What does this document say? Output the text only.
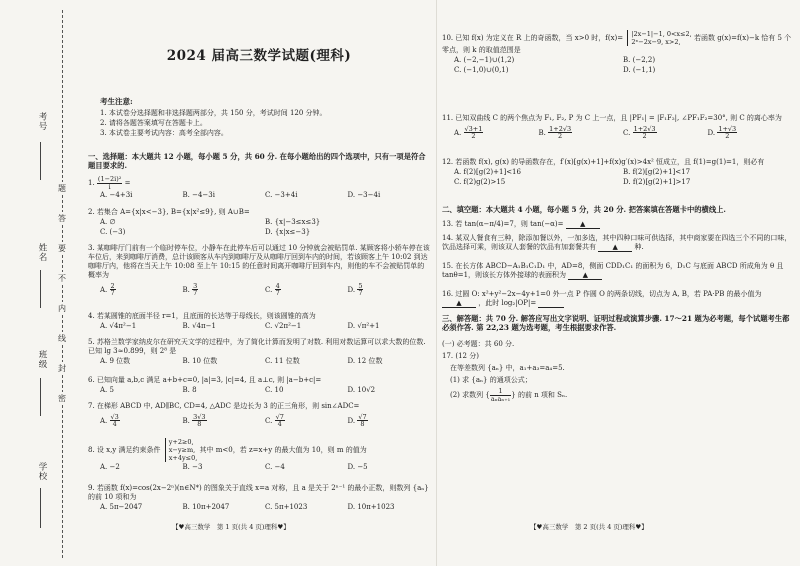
考号
姓名
班级
学校
题
答
要
不
内
线
封
密
2024 届高三数学试题(理科)
考生注意:
1. 本试卷分选择题和非选择题两部分，共 150 分，考试时间 120 分钟。
2. 请将各题答案填写在答题卡上。
3. 本试卷主要考试内容：高考全部内容。
一、选择题：本大题共 12 小题，每小题 5 分，共 60 分. 在每小题给出的四个选项中，只有一项是符合题目要求的.
1. $\frac{\text{(1−2i)²}}{i}$ =
A. −4+3i	B. −4−3i	C. −3+4i	D. −3−4i
2. 若集合 A={x|x<−3}, B={x|x²≤9}, 则 A∪B=
A. ∅	B. {x|−3≤x≤3}
C. (−3)	D. {x|x≤−3}
3. 某咖啡厅门前有一个临时停车位，小静车在此停车后可以通过 10 分钟就会被贴罚单. 某顾客将小轿车停在该车位后，来到咖啡厅消费，总计该顾客从车内到咖啡厅及从咖啡厅回到车内的时间，若该顾客上午 10:02 到达咖啡厅内，他将在当天上午 10:08 至上午 10:15 的任意时间离开咖啡厅回到车内，则他的车不会被贴罚单的概率为
A. $\frac{2}{7}$	B. $\frac{3}{7}$	C. $\frac{4}{7}$	D. $\frac{5}{7}$
4. 若某圆锥的底面半径 r=1，且底面的长达等于母线长，则该圆锥的高为
A. √4π²−1	B. √4π−1	C. √2π²−1	D. √π²+1
5. 苏格兰数学家纳皮尔在研究天文学的过程中，为了简化计算而发明了对数. 利用对数运算可以求大数的位数. 已知 lg 3≈0.899，则 2⁸ 是
A. 9 位数	B. 10 位数	C. 11 位数	D. 12 位数
6. 已知向量 a,b,c 满足 a+b+c=0, |a|=3, |c|=4, 且 a⊥c, 则 |a−b+c|=
A. 5	B. 8	C. 10	D. 10√2
7. 在梯形 ABCD 中, AD∥BC, CD=4, △ADC 是边长为 3 的正三角形，则 sin∠ADC=
A. $\frac{√3}{4}$	B. $\frac{3√3}{8}$	C. $\frac{√7}{4}$	D. $\frac{√7}{8}$
8. 设 x,y 满足约束条件
y+2≥0,
x−y≥m,
x+4y≤0,
其中 m<0，若 z=x+y 的最大值为 10，则 m 的值为
A. −2	B. −3	C. −4	D. −5
9. 若函数 f(x)=cos(2x−2ⁿ)(n∈N*) 的图象关于直线 x=a 对称，且 a 是关于 2ⁿ⁻¹ 的最小正数，则数列 {aₙ} 的前 10 项和为
A. 5π−2047	B. 10π+2047	C. 5π+1023	D. 10π+1023
【♥高三数学　第 1 页(共 4 页)理科♥】
10. 已知 f(x) 为定义在 R 上的奇函数，当 x>0 时，f(x)=
|2x−1|−1, 0<x≤2,
2ˣ−2x−9, x>2,	若函数 g(x)=f(x)−k 恰有 5 个零点，则 k 的取值范围是
A. (−2,−1)∪(1,2)	B. (−2,2)
C. (−1,0)∪(0,1)	D. (−1,1)
11. 已知双曲线 C 的两个焦点为 F₁, F₂, P 为 C 上一点，且 |PF₁| = |F₁F₂|, ∠PF₁F₂=30°, 则 C 的离心率为
A. $\frac{√3+1}{2}$	B. $\frac{1+2√3}{2}$	C. $\frac{1+2√3}{2}$	D. $\frac{1+√3}{2}$
12. 若函数 f(x), g(x) 的导函数存在，f′(x)[g(x)+1]+f(x)g′(x)>4x² 恒成立，且 f(1)=g(1)=1，则必有
A. f(2)[g(2)+1]<16	B. f(2)[g(2)+1]<17
C. f(2)g(2)>15	D. f(2)[g(2)+1]>17
二、填空题：本大题共 4 小题，每小题 5 分，共 20 分. 把答案填在答题卡中的横线上.
13. 若 tan(α−π/4)=7，则 tan(−α)= ▲
14. 某双人餐食有三种，除添加餐以外，一加多选，其中四种口味可供选择，其中商家要在四选三个不同的口味，饮品选择可乘，则该双人套餐的饮品有加套餐共有 ▲ 种.
15. 在长方体 ABCD−A₁B₁C₁D₁ 中，AD=8，侧面 CDD₁C₁ 的面积为 6，D₁C 与底面 ABCD 所成角为 θ 且 tanθ=1，则该长方体外接球的表面积为 ▲
16. 过圆 O: x²+y²−2x−4y+1=0 外一点 P 作圆 O 的两条切线，切点为 A, B，若 PA·PB 的最小值为 ▲ ，此时 log₂|OP|=
三、解答题：共 70 分. 解答应写出文字说明、证明过程或演算步骤. 17～21 题为必考题，每个试题考生都必须作答. 第 22,23 题为选考题，考生根据要求作答.
(一) 必考题：共 60 分.
17. (12 分)
在等差数列 {aₙ} 中，a₁+a₃=a₄=5.
(1) 求 {aₙ} 的通项公式；
(2) 求数列 { $\frac{1}{\text{aₙaₙ₊₁}}$ } 的前 n 项和 Sₙ.
【♥高三数学　第 2 页(共 4 页)理科♥】
